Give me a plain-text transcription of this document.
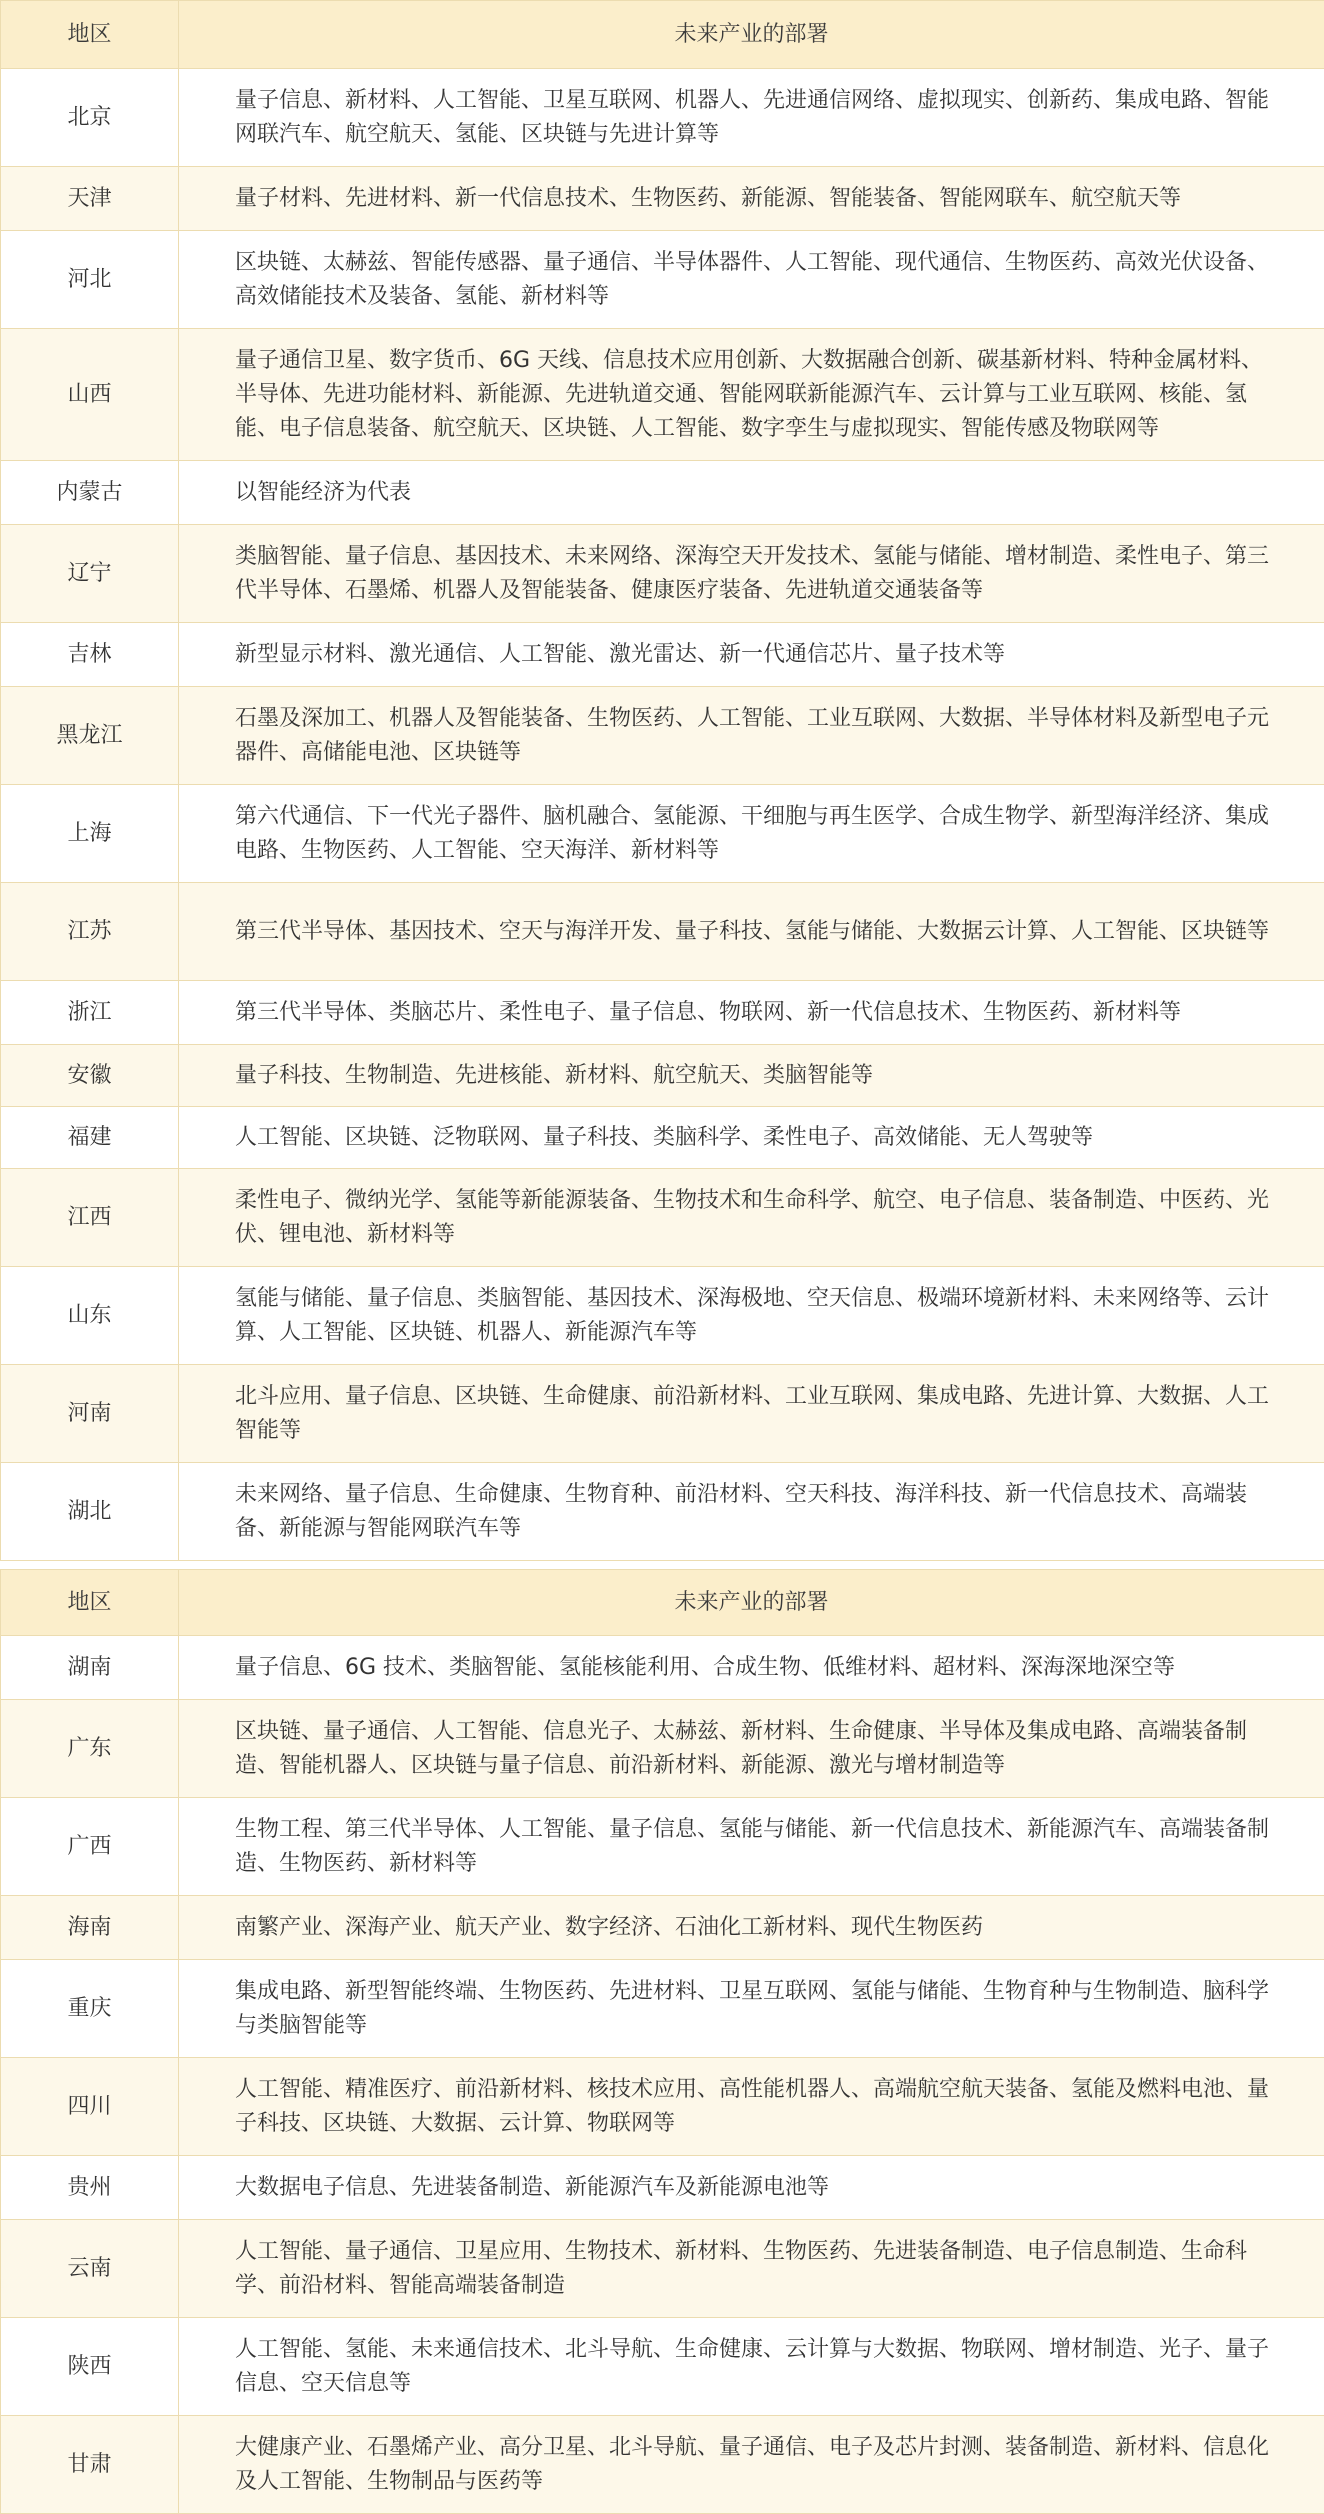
地区	未来产业的部署
北京	量子信息、新材料、人工智能、卫星互联网、机器人、先进通信网络、虚拟现实、创新药、集成电路、智能网联汽车、航空航天、氢能、区块链与先进计算等
天津	量子材料、先进材料、新一代信息技术、生物医药、新能源、智能装备、智能网联车、航空航天等
河北	区块链、太赫兹、智能传感器、量子通信、半导体器件、人工智能、现代通信、生物医药、高效光伏设备、高效储能技术及装备、氢能、新材料等
山西	量子通信卫星、数字货币、6G 天线、信息技术应用创新、大数据融合创新、碳基新材料、特种金属材料、半导体、先进功能材料、新能源、先进轨道交通、智能网联新能源汽车、云计算与工业互联网、核能、氢能、电子信息装备、航空航天、区块链、人工智能、数字孪生与虚拟现实、智能传感及物联网等
内蒙古	以智能经济为代表
辽宁	类脑智能、量子信息、基因技术、未来网络、深海空天开发技术、氢能与储能、增材制造、柔性电子、第三代半导体、石墨烯、机器人及智能装备、健康医疗装备、先进轨道交通装备等
吉林	新型显示材料、激光通信、人工智能、激光雷达、新一代通信芯片、量子技术等
黑龙江	石墨及深加工、机器人及智能装备、生物医药、人工智能、工业互联网、大数据、半导体材料及新型电子元器件、高储能电池、区块链等
上海	第六代通信、下一代光子器件、脑机融合、氢能源、干细胞与再生医学、合成生物学、新型海洋经济、集成电路、生物医药、人工智能、空天海洋、新材料等
江苏	第三代半导体、基因技术、空天与海洋开发、量子科技、氢能与储能、大数据云计算、人工智能、区块链等
浙江	第三代半导体、类脑芯片、柔性电子、量子信息、物联网、新一代信息技术、生物医药、新材料等
安徽	量子科技、生物制造、先进核能、新材料、航空航天、类脑智能等
福建	人工智能、区块链、泛物联网、量子科技、类脑科学、柔性电子、高效储能、无人驾驶等
江西	柔性电子、微纳光学、氢能等新能源装备、生物技术和生命科学、航空、电子信息、装备制造、中医药、光伏、锂电池、新材料等
山东	氢能与储能、量子信息、类脑智能、基因技术、深海极地、空天信息、极端环境新材料、未来网络等、云计算、人工智能、区块链、机器人、新能源汽车等
河南	北斗应用、量子信息、区块链、生命健康、前沿新材料、工业互联网、集成电路、先进计算、大数据、人工智能等
湖北	未来网络、量子信息、生命健康、生物育种、前沿材料、空天科技、海洋科技、新一代信息技术、高端装备、新能源与智能网联汽车等
地区	未来产业的部署
湖南	量子信息、6G 技术、类脑智能、氢能核能利用、合成生物、低维材料、超材料、深海深地深空等
广东	区块链、量子通信、人工智能、信息光子、太赫兹、新材料、生命健康、半导体及集成电路、高端装备制造、智能机器人、区块链与量子信息、前沿新材料、新能源、激光与增材制造等
广西	生物工程、第三代半导体、人工智能、量子信息、氢能与储能、新一代信息技术、新能源汽车、高端装备制造、生物医药、新材料等
海南	南繁产业、深海产业、航天产业、数字经济、石油化工新材料、现代生物医药
重庆	集成电路、新型智能终端、生物医药、先进材料、卫星互联网、氢能与储能、生物育种与生物制造、脑科学与类脑智能等
四川	人工智能、精准医疗、前沿新材料、核技术应用、高性能机器人、高端航空航天装备、氢能及燃料电池、量子科技、区块链、大数据、云计算、物联网等
贵州	大数据电子信息、先进装备制造、新能源汽车及新能源电池等
云南	人工智能、量子通信、卫星应用、生物技术、新材料、生物医药、先进装备制造、电子信息制造、生命科学、前沿材料、智能高端装备制造
陕西	人工智能、氢能、未来通信技术、北斗导航、生命健康、云计算与大数据、物联网、增材制造、光子、量子信息、空天信息等
甘肃	大健康产业、石墨烯产业、高分卫星、北斗导航、量子通信、电子及芯片封测、装备制造、新材料、信息化及人工智能、生物制品与医药等
